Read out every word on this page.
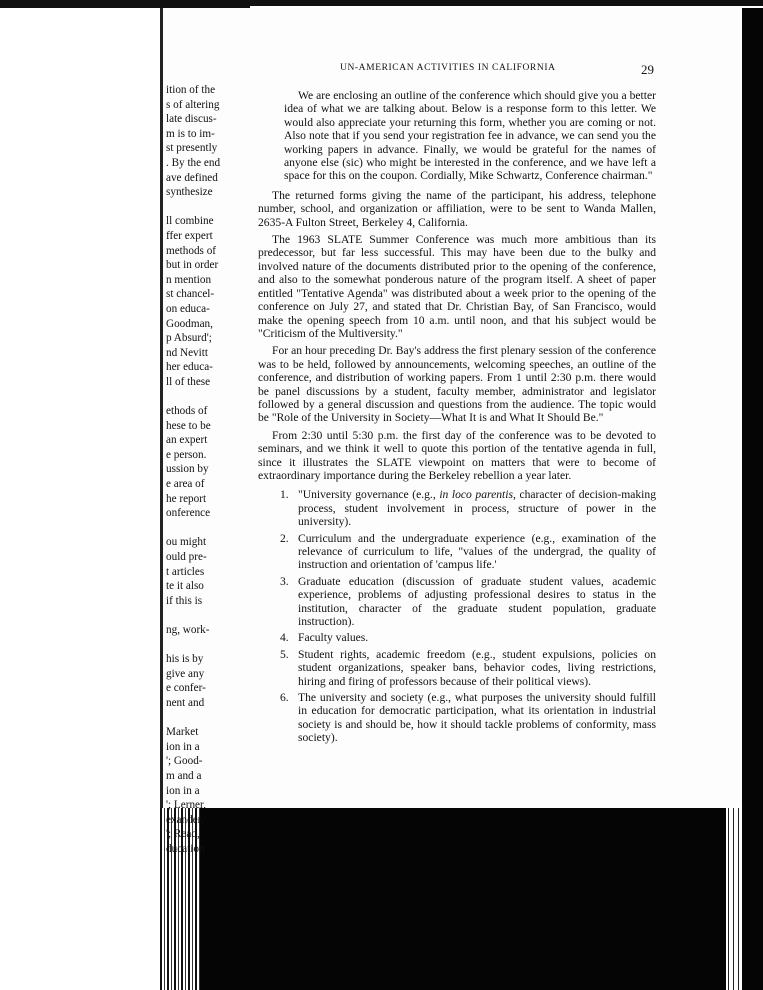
ition of the
s of altering
late discus-
m is to im-
st presently
. By the end
ave defined
synthesize
ll combine
ffer expert
methods of
but in order
n mention
st chancel-
on educa-
Goodman,
p Absurd';
nd Nevitt
her educa-
ll of these
ethods of
hese to be
an expert
e person.
ussion by
e area of
he report
onference
ou might
ould pre-
t articles
te it also
if this is
ng, work-
his is by
give any
e confer-
nent and
Market
ion in a
'; Good-
m and a
ion in a
'; Lerner,
exander,
'; Read,
ducation
UN-AMERICAN ACTIVITIES IN CALIFORNIA	29

We are enclosing an outline of the conference which should give you a better idea of what we are talking about. Below is a response form to this letter. We would also appreciate your returning this form, whether you are coming or not. Also note that if you send your registration fee in advance, we can send you the working papers in advance. Finally, we would be grateful for the names of anyone else (sic) who might be interested in the conference, and we have left a space for this on the coupon. Cordially, Mike Schwartz, Conference chairman."

The returned forms giving the name of the participant, his address, telephone number, school, and organization or affiliation, were to be sent to Wanda Mallen, 2635-A Fulton Street, Berkeley 4, California.

The 1963 SLATE Summer Conference was much more ambitious than its predecessor, but far less successful. This may have been due to the bulky and involved nature of the documents distributed prior to the opening of the conference, and also to the somewhat ponderous nature of the program itself. A sheet of paper entitled "Tentative Agenda" was distributed about a week prior to the opening of the conference on July 27, and stated that Dr. Christian Bay, of San Francisco, would make the opening speech from 10 a.m. until noon, and that his subject would be "Criticism of the Multiversity."

For an hour preceding Dr. Bay's address the first plenary session of the conference was to be held, followed by announcements, welcoming speeches, an outline of the conference, and distribution of working papers. From 1 until 2:30 p.m. there would be panel discussions by a student, faculty member, administrator and legislator followed by a general discussion and questions from the audience. The topic would be "Role of the University in Society—What It is and What It Should Be."

From 2:30 until 5:30 p.m. the first day of the conference was to be devoted to seminars, and we think it well to quote this portion of the tentative agenda in full, since it illustrates the SLATE viewpoint on matters that were to become of extraordinary importance during the Berkeley rebellion a year later.

1. "University governance (e.g., in loco parentis, character of decision-making process, student involvement in process, structure of power in the university).
2. Curriculum and the undergraduate experience (e.g., examination of the relevance of curriculum to life, "values of the undergrad, the quality of instruction and orientation of 'campus life.'
3. Graduate education (discussion of graduate student values, academic experience, problems of adjusting professional desires to status in the institution, character of the graduate student population, graduate instruction).
4. Faculty values.
5. Student rights, academic freedom (e.g., student expulsions, policies on student organizations, speaker bans, behavior codes, living restrictions, hiring and firing of professors because of their political views).
6. The university and society (e.g., what purposes the university should fulfill in education for democratic participation, what its orientation in industrial society is and should be, how it should tackle problems of conformity, mass society).
